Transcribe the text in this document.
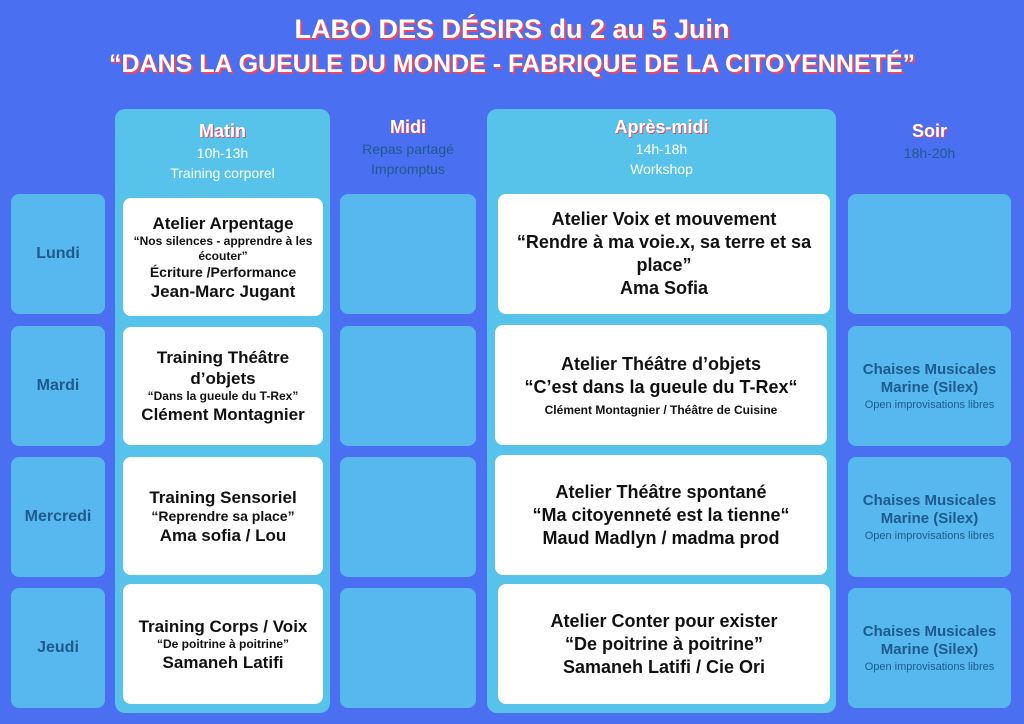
LABO DES DÉSIRS du 2 au 5 Juin
“DANS LA GUEULE DU MONDE - FABRIQUE DE LA CITOYENNETÉ”
Matin
10h-13h
Training corporel
Midi
Repas partagé
Impromptus
Après-midi
14h-18h
Workshop
Soir
18h-20h
Lundi
Mardi
Mercredi
Jeudi
Chaises Musicales
Marine (Silex)
Open improvisations libres
Chaises Musicales
Marine (Silex)
Open improvisations libres
Chaises Musicales
Marine (Silex)
Open improvisations libres
Atelier Arpentage
“Nos silences - apprendre à les écouter”
Écriture /Performance
Jean-Marc Jugant
Training Théâtre d’objets
“Dans la gueule du T-Rex”
Clément Montagnier
Training Sensoriel
“Reprendre sa place”
Ama sofia / Lou
Training Corps / Voix
“De poitrine à poitrine”
Samaneh Latifi
Atelier Voix et mouvement
“Rendre à ma voie.x, sa terre et sa place”
Ama Sofia
Atelier Théâtre d’objets
“C’est dans la gueule du T-Rex“
Clément Montagnier / Théâtre de Cuisine
Atelier Théâtre spontané
“Ma citoyenneté est la tienne“
Maud Madlyn / madma prod
Atelier Conter pour exister
“De poitrine à poitrine”
Samaneh Latifi / Cie Ori
